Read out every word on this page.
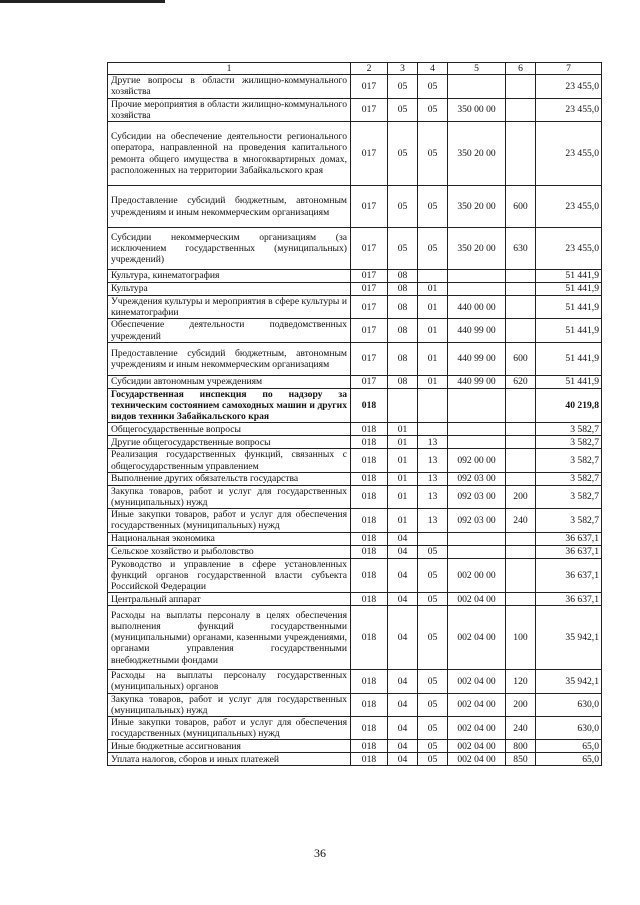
1	2	3	4	5	6	7
Другие вопросы в области жилищно-коммунального хозяйства	017	05	05			23 455,0
Прочие мероприятия в области жилищно-коммунального хозяйства	017	05	05	350 00 00		23 455,0
Субсидии на обеспечение деятельности регионального оператора, направленной на проведения капитального ремонта общего имущества в многоквартирных домах, расположенных на территории Забайкальского края	017	05	05	350 20 00		23 455,0
Предоставление субсидий бюджетным, автономным учреждениям и иным некоммерческим организациям	017	05	05	350 20 00	600	23 455,0
Субсидии некоммерческим организациям (за исключением государственных (муниципальных) учреждений)	017	05	05	350 20 00	630	23 455,0
Культура, кинематография	017	08				51 441,9
Культура	017	08	01			51 441,9
Учреждения культуры и мероприятия в сфере культуры и кинематографии	017	08	01	440 00 00		51 441,9
Обеспечение деятельности подведомственных учреждений	017	08	01	440 99 00		51 441,9
Предоставление субсидий бюджетным, автономным учреждениям и иным некоммерческим организациям	017	08	01	440 99 00	600	51 441,9
Субсидии автономным учреждениям	017	08	01	440 99 00	620	51 441,9
Государственная инспекция по надзору за техническим состоянием самоходных машин и других видов техники Забайкальского края	018					40 219,8
Общегосударственные вопросы	018	01				3 582,7
Другие общегосударственные вопросы	018	01	13			3 582,7
Реализация государственных функций, связанных с общегосударственным управлением	018	01	13	092 00 00		3 582,7
Выполнение других обязательств государства	018	01	13	092 03 00		3 582,7
Закупка товаров, работ и услуг для государственных (муниципальных) нужд	018	01	13	092 03 00	200	3 582,7
Иные закупки товаров, работ и услуг для обеспечения государственных (муниципальных) нужд	018	01	13	092 03 00	240	3 582,7
Национальная экономика	018	04				36 637,1
Сельское хозяйство и рыболовство	018	04	05			36 637,1
Руководство и управление в сфере установленных функций органов государственной власти субъекта Российской Федерации	018	04	05	002 00 00		36 637,1
Центральный аппарат	018	04	05	002 04 00		36 637,1
Расходы на выплаты персоналу в целях обеспечения выполнения функций государственными (муниципальными) органами, казенными учреждениями, органами управления государственными внебюджетными фондами	018	04	05	002 04 00	100	35 942,1
Расходы на выплаты персоналу государственных (муниципальных) органов	018	04	05	002 04 00	120	35 942,1
Закупка товаров, работ и услуг для государственных (муниципальных) нужд	018	04	05	002 04 00	200	630,0
Иные закупки товаров, работ и услуг для обеспечения государственных (муниципальных) нужд	018	04	05	002 04 00	240	630,0
Иные бюджетные ассигнования	018	04	05	002 04 00	800	65,0
Уплата налогов, сборов и иных платежей	018	04	05	002 04 00	850	65,0
36
